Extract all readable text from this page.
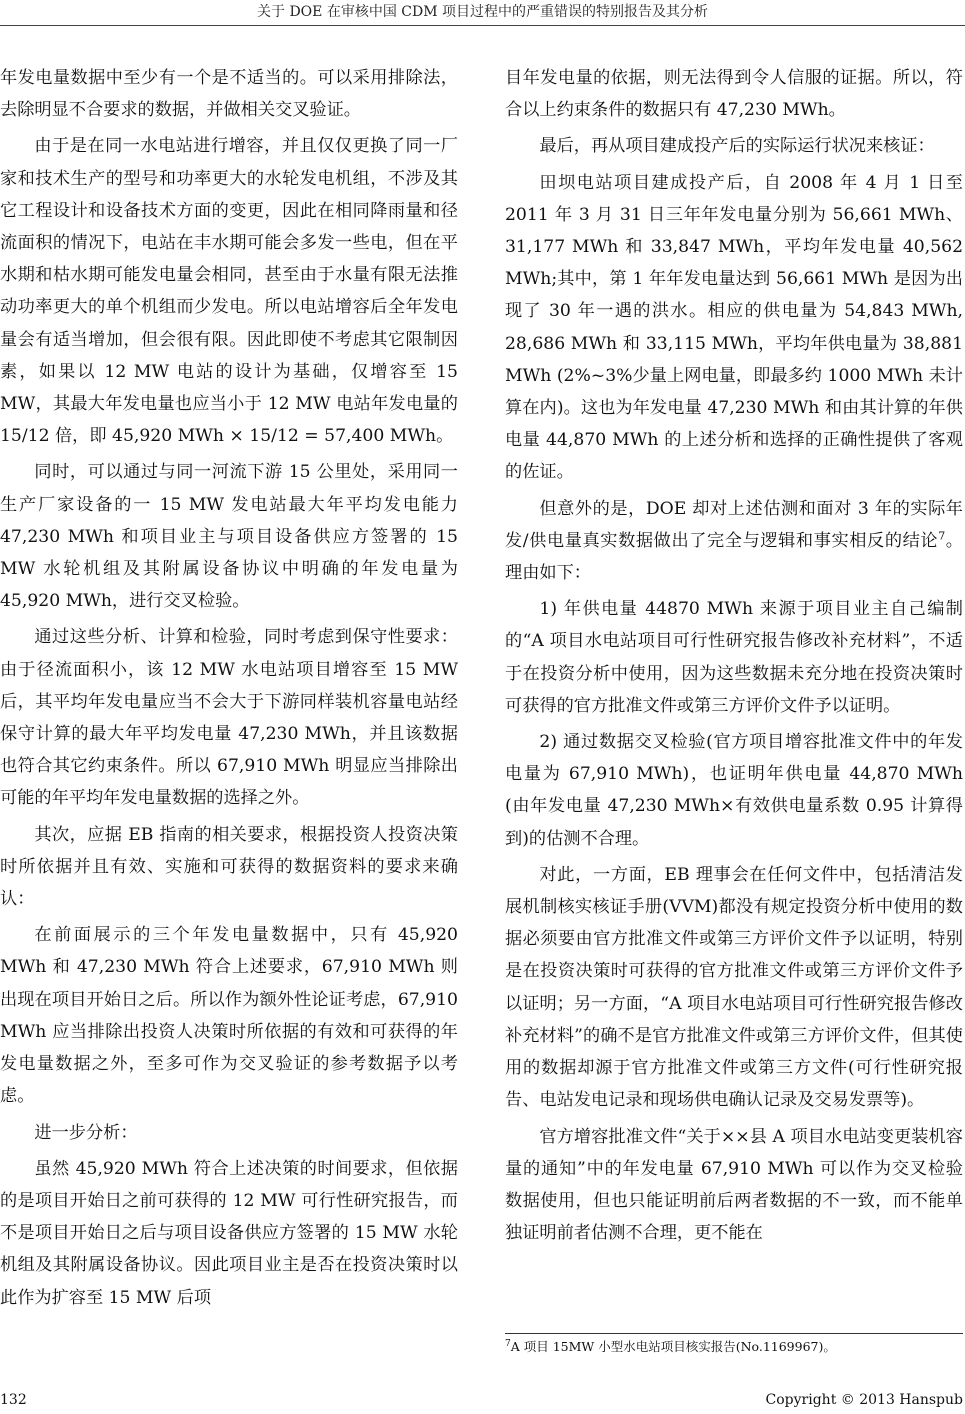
关于 DOE 在审核中国 CDM 项目过程中的严重错误的特别报告及其分析

年发电量数据中至少有一个是不适当的。可以采用排除法，去除明显不合要求的数据，并做相关交叉验证。

由于是在同一水电站进行增容，并且仅仅更换了同一厂家和技术生产的型号和功率更大的水轮发电机组，不涉及其它工程设计和设备技术方面的变更，因此在相同降雨量和径流面积的情况下，电站在丰水期可能会多发一些电，但在平水期和枯水期可能发电量会相同，甚至由于水量有限无法推动功率更大的单个机组而少发电。所以电站增容后全年发电量会有适当增加，但会很有限。因此即使不考虑其它限制因素，如果以 12 MW 电站的设计为基础，仅增容至 15 MW，其最大年发电量也应当小于 12 MW 电站年发电量的 15/12 倍，即 45,920 MWh × 15/12 = 57,400 MWh。

同时，可以通过与同一河流下游 15 公里处，采用同一生产厂家设备的一 15 MW 发电站最大年平均发电能力 47,230 MWh 和项目业主与项目设备供应方签署的 15 MW 水轮机组及其附属设备协议中明确的年发电量为 45,920 MWh，进行交叉检验。

通过这些分析、计算和检验，同时考虑到保守性要求：由于径流面积小，该 12 MW 水电站项目增容至 15 MW 后，其平均年发电量应当不会大于下游同样装机容量电站经保守计算的最大年平均发电量 47,230 MWh，并且该数据也符合其它约束条件。所以 67,910 MWh 明显应当排除出可能的年平均年发电量数据的选择之外。

其次，应据 EB 指南的相关要求，根据投资人投资决策时所依据并且有效、实施和可获得的数据资料的要求来确认：

在前面展示的三个年发电量数据中，只有 45,920 MWh 和 47,230 MWh 符合上述要求，67,910 MWh 则出现在项目开始日之后。所以作为额外性论证考虑，67,910 MWh 应当排除出投资人决策时所依据的有效和可获得的年发电量数据之外，至多可作为交叉验证的参考数据予以考虑。

进一步分析：

虽然 45,920 MWh 符合上述决策的时间要求，但依据的是项目开始日之前可获得的 12 MW 可行性研究报告，而不是项目开始日之后与项目设备供应方签署的 15 MW 水轮机组及其附属设备协议。因此项目业主是否在投资决策时以此作为扩容至 15 MW 后项

目年发电量的依据，则无法得到令人信服的证据。所以，符合以上约束条件的数据只有 47,230 MWh。

最后，再从项目建成投产后的实际运行状况来核证：

田坝电站项目建成投产后，自 2008 年 4 月 1 日至 2011 年 3 月 31 日三年年发电量分别为 56,661 MWh、31,177 MWh 和 33,847 MWh，平均年发电量 40,562 MWh;其中，第 1 年年发电量达到 56,661 MWh 是因为出现了 30 年一遇的洪水。相应的供电量为 54,843 MWh, 28,686 MWh 和 33,115 MWh，平均年供电量为 38,881 MWh (2%~3%少量上网电量，即最多约 1000 MWh 未计算在内)。这也为年发电量 47,230 MWh 和由其计算的年供电量 44,870 MWh 的上述分析和选择的正确性提供了客观的佐证。

但意外的是，DOE 却对上述估测和面对 3 年的实际年发/供电量真实数据做出了完全与逻辑和事实相反的结论$^7$。理由如下：

1) 年供电量 44870 MWh 来源于项目业主自己编制的“A 项目水电站项目可行性研究报告修改补充材料”，不适于在投资分析中使用，因为这些数据未充分地在投资决策时可获得的官方批准文件或第三方评价文件予以证明。

2) 通过数据交叉检验(官方项目增容批准文件中的年发电量为 67,910 MWh)，也证明年供电量 44,870 MWh (由年发电量 47,230 MWh×有效供电量系数 0.95 计算得到)的估测不合理。

对此，一方面，EB 理事会在任何文件中，包括清洁发展机制核实核证手册(VVM)都没有规定投资分析中使用的数据必须要由官方批准文件或第三方评价文件予以证明，特别是在投资决策时可获得的官方批准文件或第三方评价文件予以证明；另一方面，“A 项目水电站项目可行性研究报告修改补充材料”的确不是官方批准文件或第三方评价文件，但其使用的数据却源于官方批准文件或第三方文件(可行性研究报告、电站发电记录和现场供电确认记录及交易发票等)。

官方增容批准文件“关于××县 A 项目水电站变更装机容量的通知”中的年发电量 67,910 MWh 可以作为交叉检验数据使用，但也只能证明前后两者数据的不一致，而不能单独证明前者估测不合理，更不能在

$^7$A 项目 15MW 小型水电站项目核实报告(No.1169967)。
132	Copyright © 2013 Hanspub
